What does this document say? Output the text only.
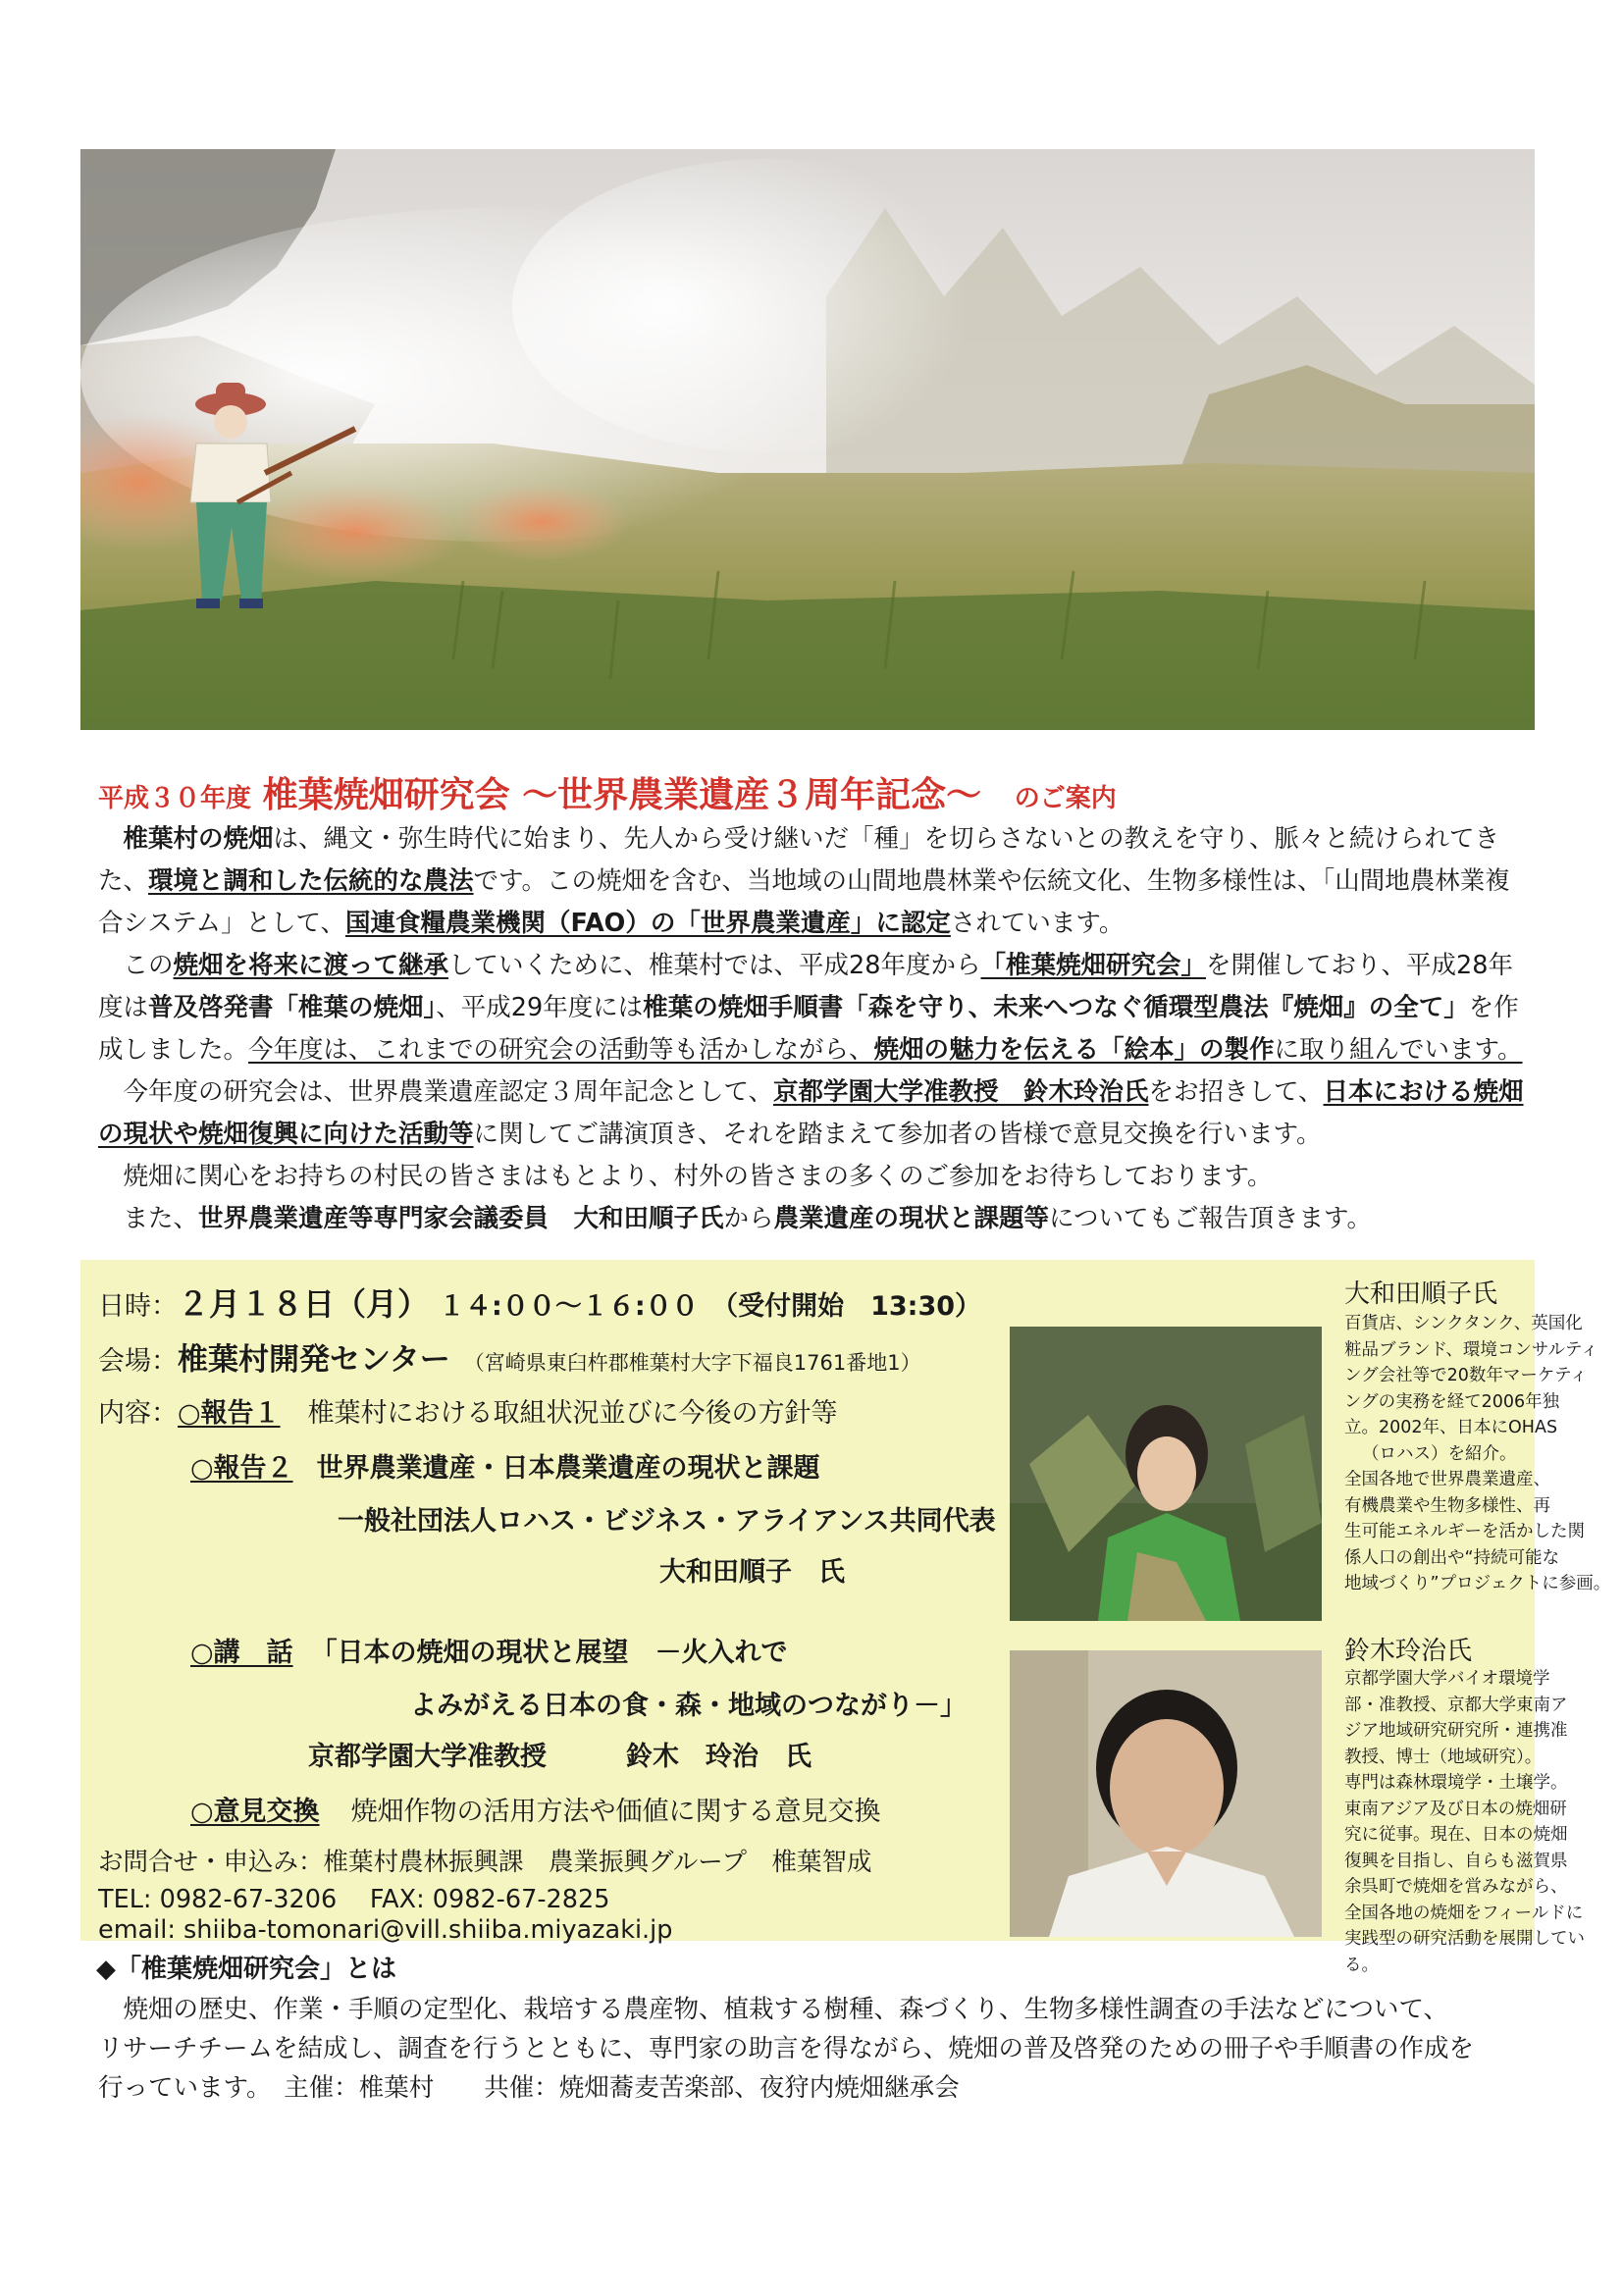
平成３０年度 椎葉焼畑研究会 ～世界農業遺産３周年記念～ のご案内

椎葉村の焼畑は、縄文・弥生時代に始まり、先人から受け継いだ「種」を切らさないとの教えを守り、脈々と続けられてきた、環境と調和した伝統的な農法です。この焼畑を含む、当地域の山間地農林業や伝統文化、生物多様性は、「山間地農林業複合システム」として、国連食糧農業機関（FAO）の「世界農業遺産」に認定されています。

この焼畑を将来に渡って継承していくために、椎葉村では、平成28年度から「椎葉焼畑研究会」を開催しており、平成28年度は普及啓発書「椎葉の焼畑」、平成29年度には椎葉の焼畑手順書「森を守り、未来へつなぐ循環型農法『焼畑』の全て」を作成しました。今年度は、これまでの研究会の活動等も活かしながら、焼畑の魅力を伝える「絵本」の製作に取り組んでいます。

今年度の研究会は、世界農業遺産認定３周年記念として、京都学園大学准教授　鈴木玲治氏をお招きして、日本における焼畑の現状や焼畑復興に向けた活動等に関してご講演頂き、それを踏まえて参加者の皆様で意見交換を行います。

焼畑に関心をお持ちの村民の皆さまはもとより、村外の皆さまの多くのご参加をお待ちしております。

また、世界農業遺産等専門家会議委員　大和田順子氏から農業遺産の現状と課題等についてもご報告頂きます。

日時：２月１８日（月） １４:００～１６:００　（受付開始　13:30）
会場：椎葉村開発センター （宮崎県東臼杵郡椎葉村大字下福良1761番地1）
内容：○報告１ 椎葉村における取組状況並びに今後の方針等
○報告２ 世界農業遺産・日本農業遺産の現状と課題
一般社団法人ロハス・ビジネス・アライアンス共同代表
大和田順子　氏
○講　話 「日本の焼畑の現状と展望　－火入れで
よみがえる日本の食・森・地域のつながり－」
京都学園大学准教授　　　鈴木　玲治　氏
○意見交換 焼畑作物の活用方法や価値に関する意見交換
お問合せ・申込み：椎葉村農林振興課　農業振興グループ　椎葉智成
TEL: 0982-67-3206　 FAX: 0982-67-2825
email: shiiba-tomonari@vill.shiiba.miyazaki.jp
大和田順子氏
百貨店、シンクタンク、英国化
粧品ブランド、環境コンサルティ
ング会社等で20数年マーケティ
ングの実務を経て2006年独
立。2002年、日本にOHAS
（ロハス）を紹介。
全国各地で世界農業遺産、
有機農業や生物多様性、再
生可能エネルギーを活かした関
係人口の創出や“持続可能な
地域づくり”プロジェクトに参画。
鈴木玲治氏
京都学園大学バイオ環境学
部・准教授、京都大学東南ア
ジア地域研究研究所・連携准
教授、博士（地域研究）。
専門は森林環境学・土壌学。
東南アジア及び日本の焼畑研
究に従事。現在、日本の焼畑
復興を目指し、自らも滋賀県
余呉町で焼畑を営みながら、
全国各地の焼畑をフィールドに
実践型の研究活動を展開してい
る。
◆「椎葉焼畑研究会」とは
焼畑の歴史、作業・手順の定型化、栽培する農産物、植栽する樹種、森づくり、生物多様性調査の手法などについて、
リサーチチームを結成し、調査を行うとともに、専門家の助言を得ながら、焼畑の普及啓発のための冊子や手順書の作成を
行っています。　主催：椎葉村　　共催：焼畑蕎麦苦楽部、夜狩内焼畑継承会
